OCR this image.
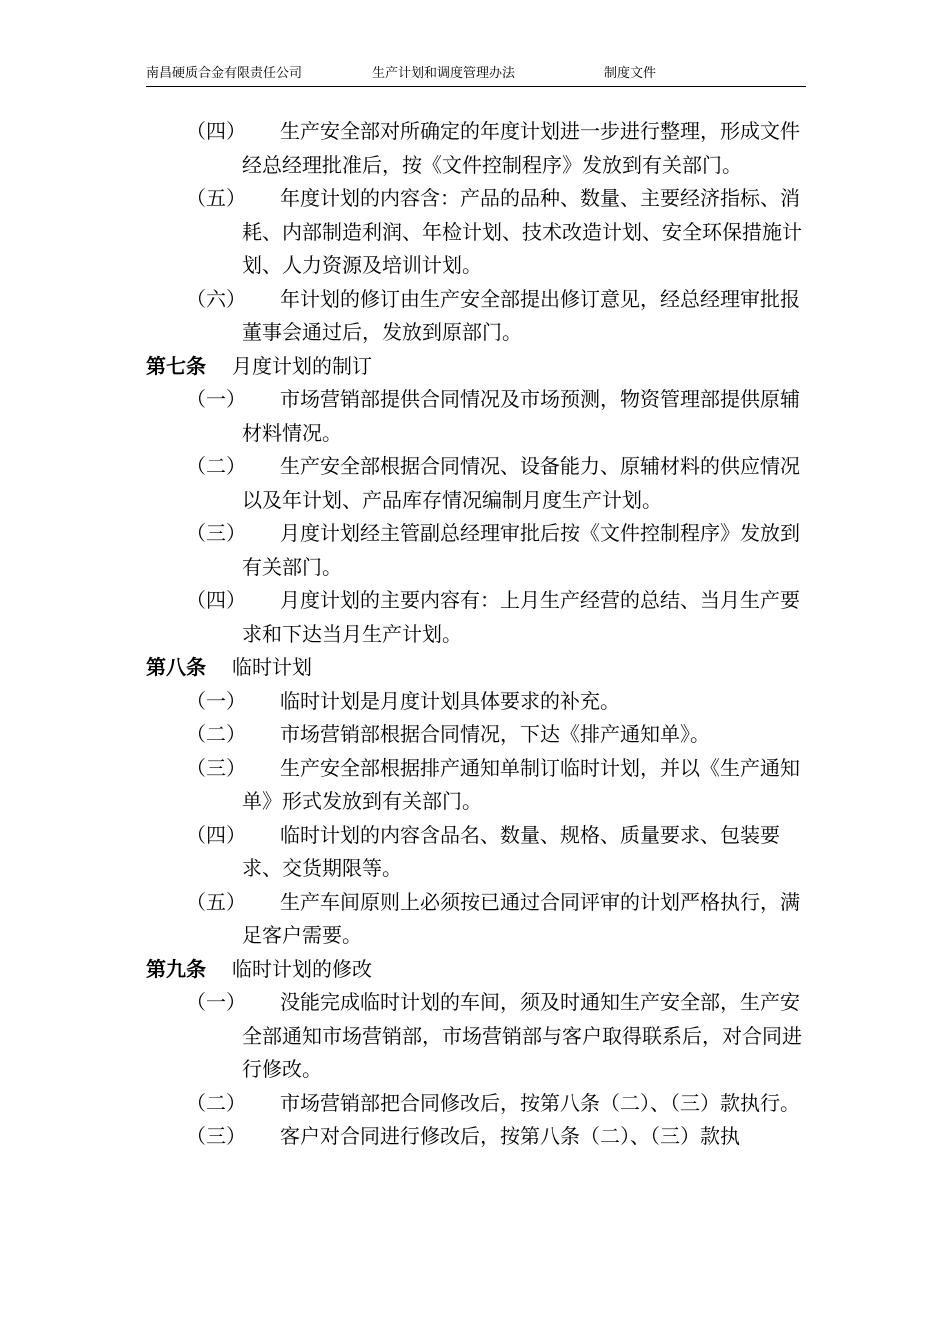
南昌硬质合金有限责任公司	生产计划和调度管理办法	制度文件
（四） 生产安全部对所确定的年度计划进一步进行整理，形成文件经总经理批准后，按《文件控制程序》发放到有关部门。
（五） 年度计划的内容含：产品的品种、数量、主要经济指标、消耗、内部制造利润、年检计划、技术改造计划、安全环保措施计划、人力资源及培训计划。
（六） 年计划的修订由生产安全部提出修订意见，经总经理审批报董事会通过后，发放到原部门。
第七条 月度计划的制订
（一） 市场营销部提供合同情况及市场预测，物资管理部提供原辅材料情况。
（二） 生产安全部根据合同情况、设备能力、原辅材料的供应情况以及年计划、产品库存情况编制月度生产计划。
（三） 月度计划经主管副总经理审批后按《文件控制程序》发放到有关部门。
（四） 月度计划的主要内容有：上月生产经营的总结、当月生产要求和下达当月生产计划。
第八条 临时计划
（一） 临时计划是月度计划具体要求的补充。
（二） 市场营销部根据合同情况，下达《排产通知单》。
（三） 生产安全部根据排产通知单制订临时计划，并以《生产通知单》形式发放到有关部门。
（四） 临时计划的内容含品名、数量、规格、质量要求、包装要求、交货期限等。
（五） 生产车间原则上必须按已通过合同评审的计划严格执行，满足客户需要。
第九条 临时计划的修改
（一） 没能完成临时计划的车间，须及时通知生产安全部，生产安全部通知市场营销部，市场营销部与客户取得联系后，对合同进行修改。
（二） 市场营销部把合同修改后，按第八条（二）、（三）款执行。
（三） 客户对合同进行修改后，按第八条（二）、（三）款执
